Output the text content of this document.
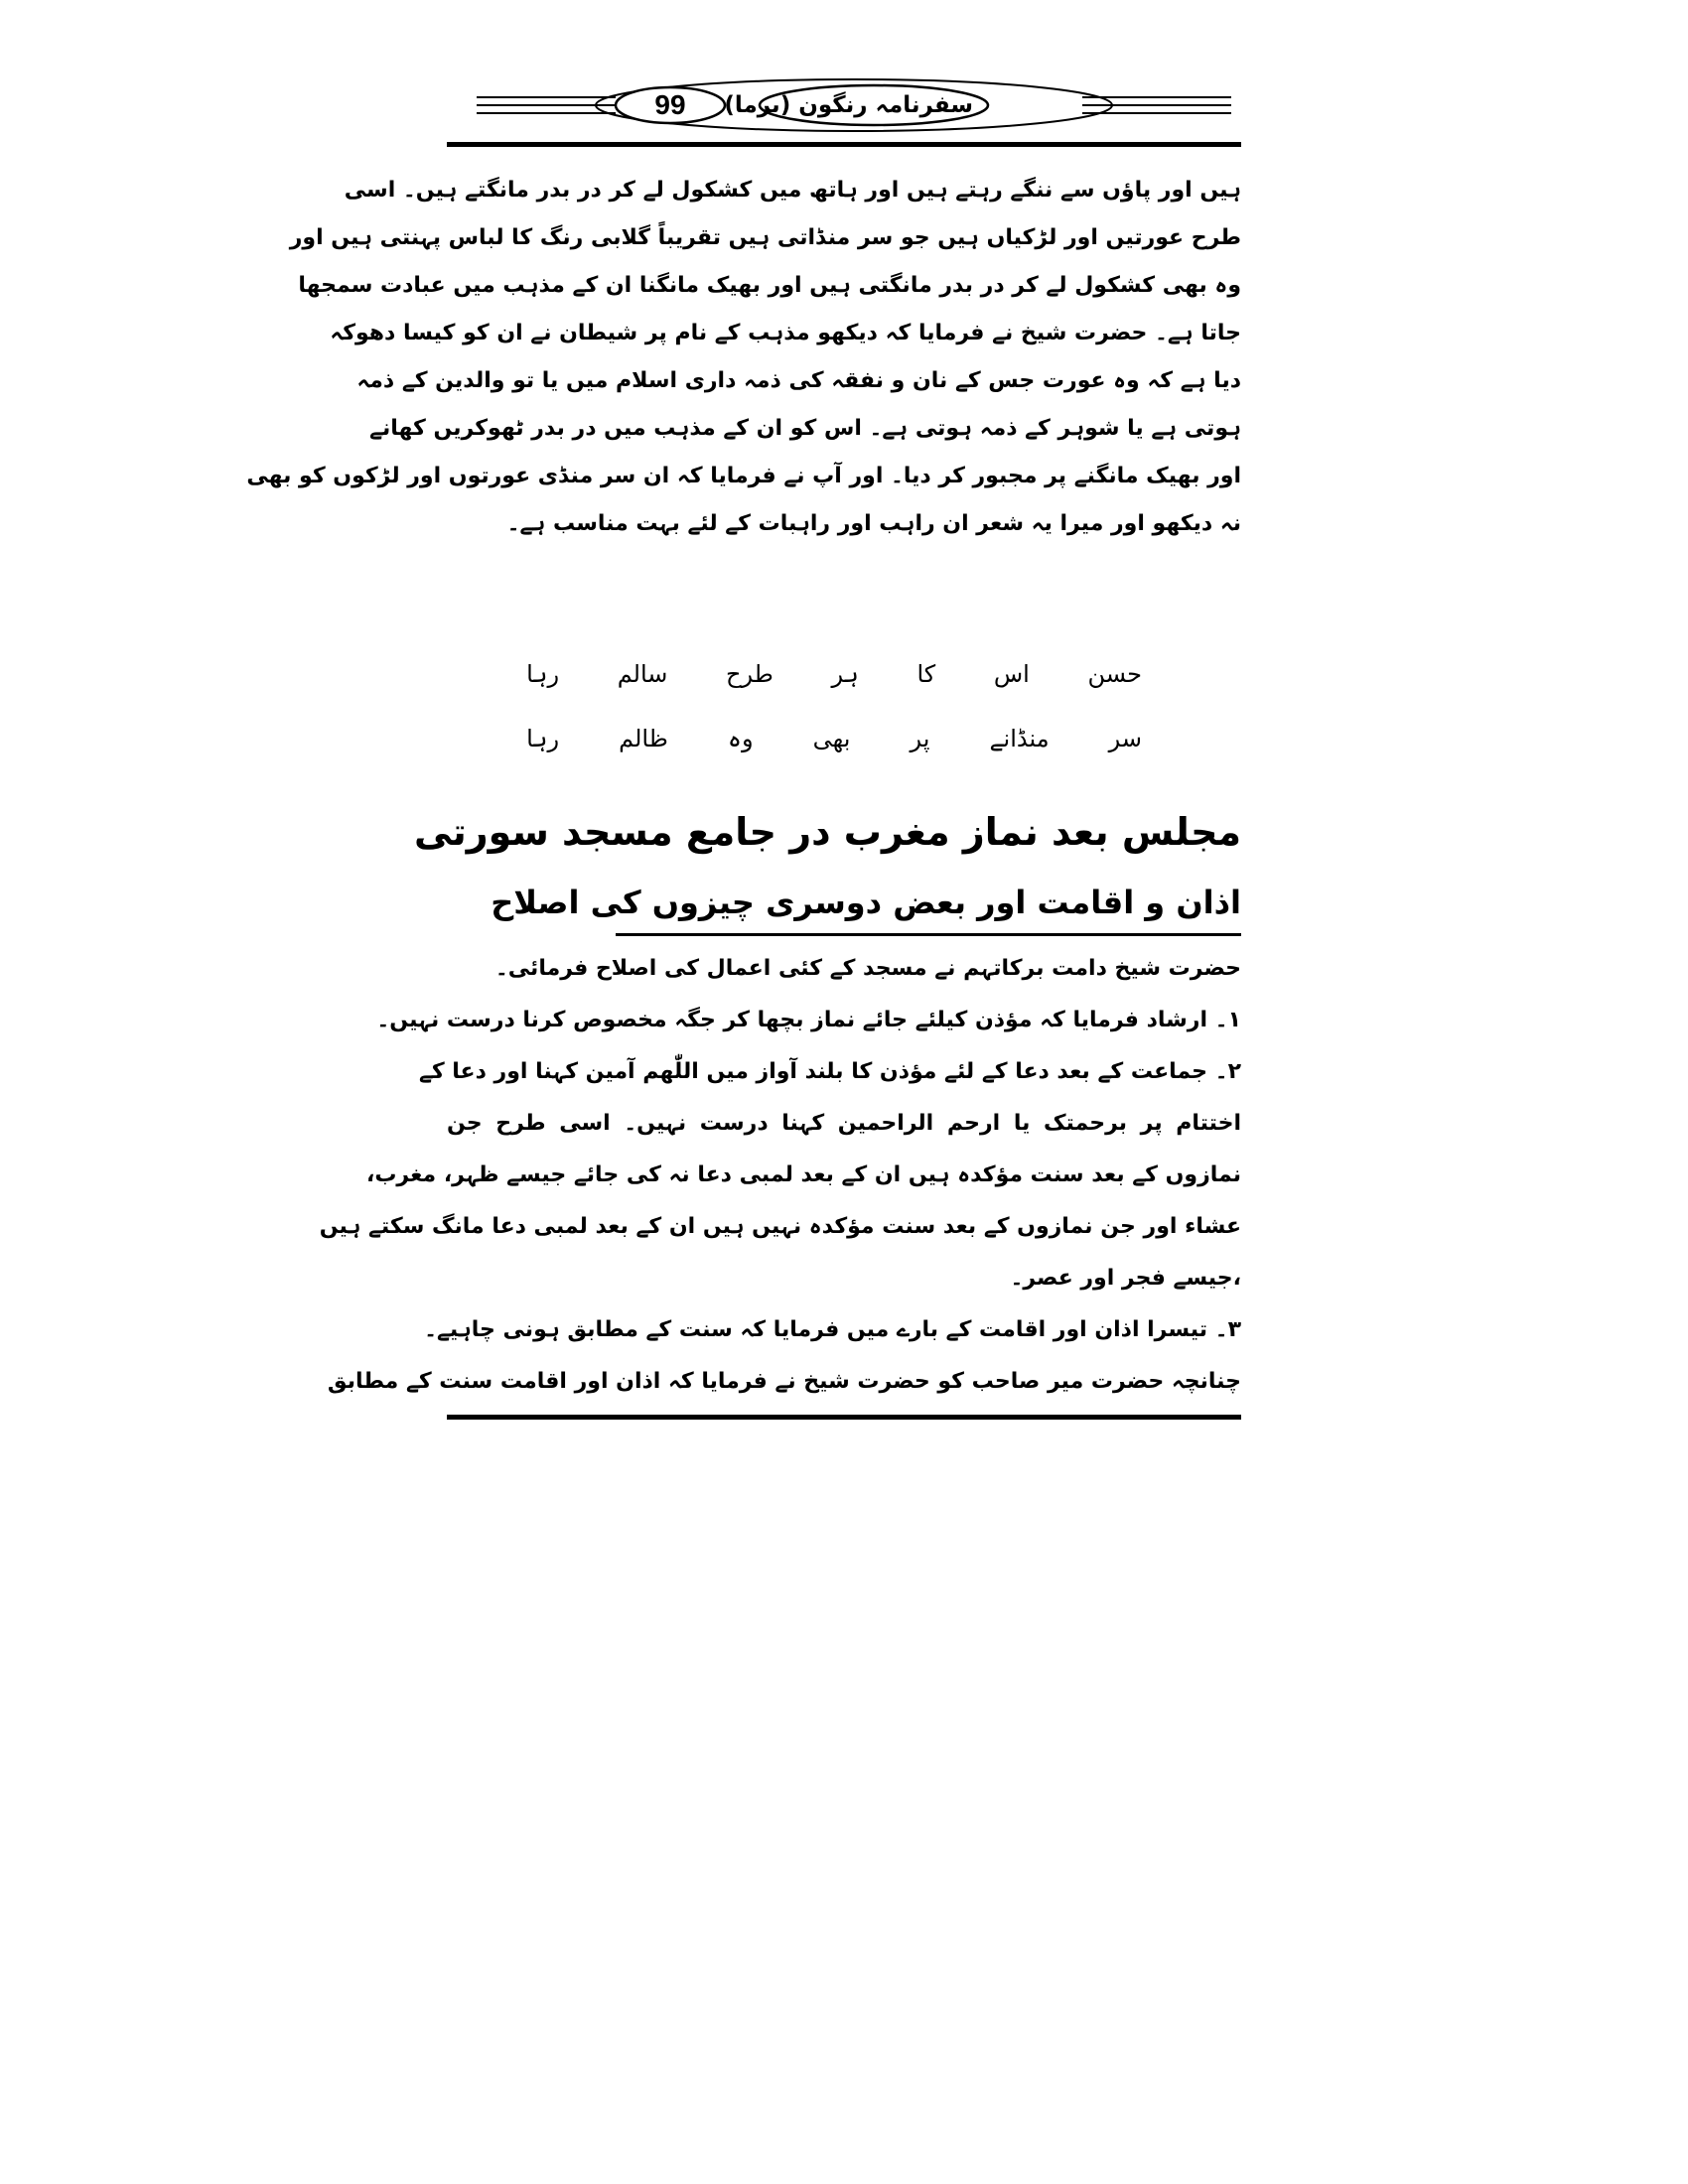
99	سفرنامہ رنگون (برما)
ہیں اور پاؤں سے ننگے رہتے ہیں اور ہاتھ میں کشکول لے کر در بدر مانگتے ہیں۔ اسی
طرح عورتیں اور لڑکیاں ہیں جو سر منڈاتی ہیں تقریباً گلابی رنگ کا لباس پہنتی ہیں اور
وہ بھی کشکول لے کر در بدر مانگتی ہیں اور بھیک مانگنا ان کے مذہب میں عبادت سمجھا
جاتا ہے۔ حضرت شیخ نے فرمایا کہ دیکھو مذہب کے نام پر شیطان نے ان کو کیسا دھوکہ
دیا ہے کہ وہ عورت جس کے نان و نفقہ کی ذمہ داری اسلام میں یا تو والدین کے ذمہ
ہوتی ہے یا شوہر کے ذمہ ہوتی ہے۔ اس کو ان کے مذہب میں در بدر ٹھوکریں کھانے
اور بھیک مانگنے پر مجبور کر دیا۔ اور آپ نے فرمایا کہ ان سر منڈی عورتوں اور لڑکوں کو بھی
نہ دیکھو اور میرا یہ شعر ان راہب اور راہبات کے لئے بہت مناسب ہے۔
حسن
اس
کا
ہر
طرح
سالم
رہا
سر
منڈانے
پر
بھی
وہ
ظالم
رہا
مجلس بعد نماز مغرب در جامع مسجد سورتی
اذان و اقامت اور بعض دوسری چیزوں کی اصلاح
حضرت شیخ دامت برکاتہم نے مسجد کے کئی اعمال کی اصلاح فرمائی۔
۱۔ ارشاد فرمایا کہ مؤذن کیلئے جائے نماز بچھا کر جگہ مخصوص کرنا درست نہیں۔
۲۔ جماعت کے بعد دعا کے لئے مؤذن کا بلند آواز میں اللّٰھم آمین کہنا اور دعا کے
اختتام پر برحمتک یا ارحم الراحمین کہنا درست نہیں۔ اسی طرح جن
نمازوں کے بعد سنت مؤکدہ ہیں ان کے بعد لمبی دعا نہ کی جائے جیسے ظہر، مغرب،
عشاء اور جن نمازوں کے بعد سنت مؤکدہ نہیں ہیں ان کے بعد لمبی دعا مانگ سکتے ہیں
،جیسے فجر اور عصر۔
۳۔ تیسرا اذان اور اقامت کے بارے میں فرمایا کہ سنت کے مطابق ہونی چاہیے۔
چنانچہ حضرت میر صاحب کو حضرت شیخ نے فرمایا کہ اذان اور اقامت سنت کے مطابق
